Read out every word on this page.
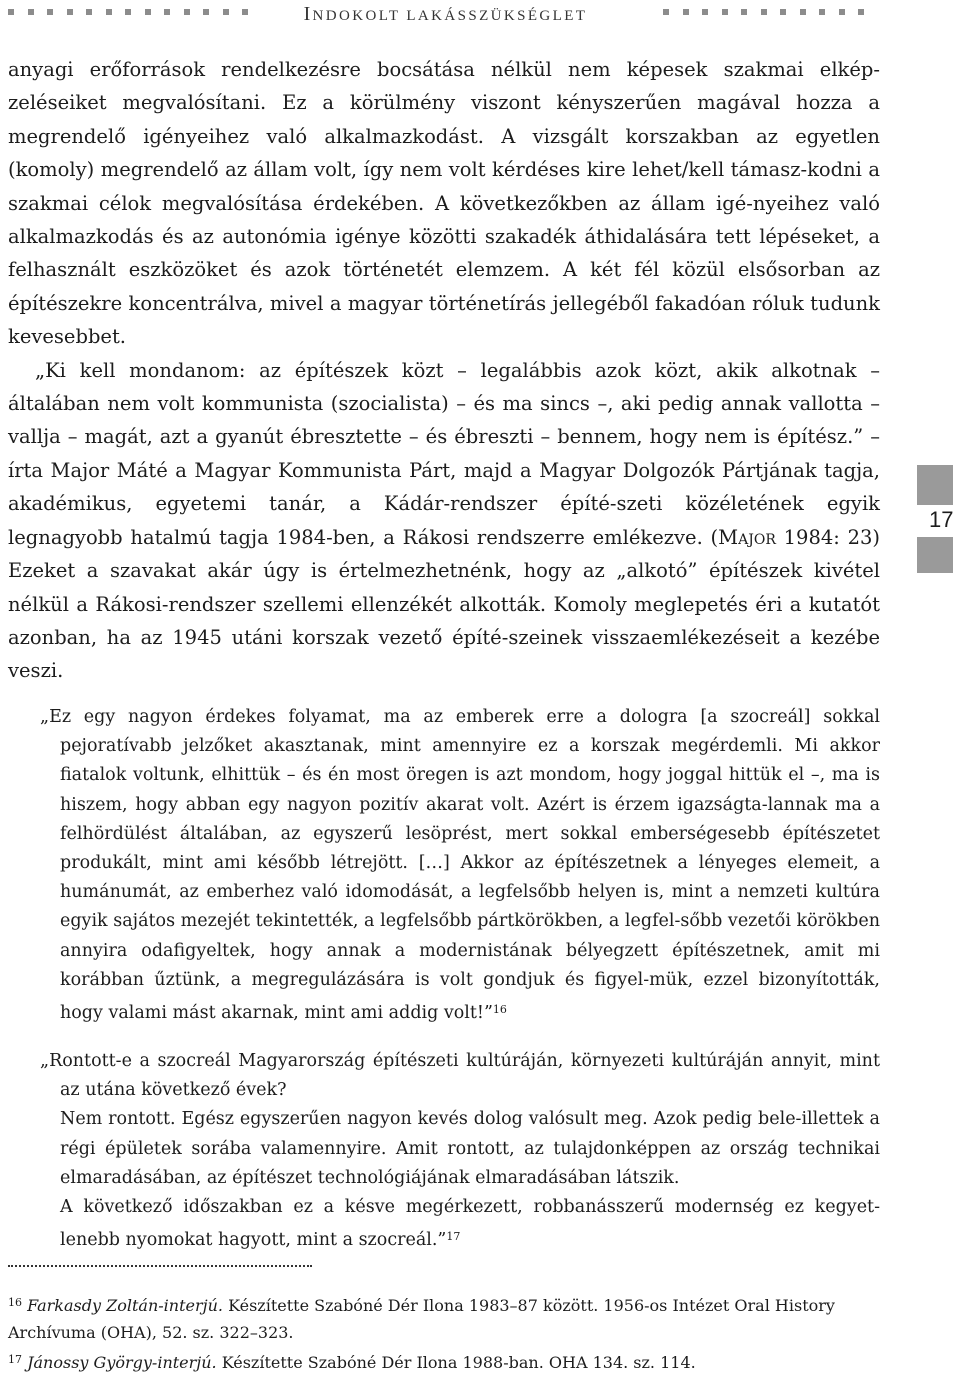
INDOKOLT LAKÁSSZÜKSÉGLET

anyagi erőforrások rendelkezésre bocsátása nélkül nem képesek szakmai elkép-zeléseiket megvalósítani. Ez a körülmény viszont kényszerűen magával hozza a megrendelő igényeihez való alkalmazkodást. A vizsgált korszakban az egyetlen (komoly) megrendelő az állam volt, így nem volt kérdéses kire lehet/kell támasz-kodni a szakmai célok megvalósítása érdekében. A következőkben az állam igé-nyeihez való alkalmazkodás és az autonómia igénye közötti szakadék áthidalására tett lépéseket, a felhasznált eszközöket és azok történetét elemzem. A két fél közül elsősorban az építészekre koncentrálva, mivel a magyar történetírás jellegéből fakadóan róluk tudunk kevesebbet.

„Ki kell mondanom: az építészek közt – legalábbis azok közt, akik alkotnak – általában nem volt kommunista (szocialista) – és ma sincs –, aki pedig annak vallotta – vallja – magát, azt a gyanút ébresztette – és ébreszti – bennem, hogy nem is építész.” – írta Major Máté a Magyar Kommunista Párt, majd a Magyar Dolgozók Pártjának tagja, akadémikus, egyetemi tanár, a Kádár-rendszer építé-szeti közéletének egyik legnagyobb hatalmú tagja 1984-ben, a Rákosi rendszerre emlékezve. (Major 1984: 23) Ezeket a szavakat akár úgy is értelmezhetnénk, hogy az „alkotó” építészek kivétel nélkül a Rákosi-rendszer szellemi ellenzékét alkották. Komoly meglepetés éri a kutatót azonban, ha az 1945 utáni korszak vezető építé-szeinek visszaemlékezéseit a kezébe veszi.

„Ez egy nagyon érdekes folyamat, ma az emberek erre a dologra [a szocreál] sokkal pejoratívabb jelzőket akasztanak, mint amennyire ez a korszak megérdemli. Mi akkor fiatalok voltunk, elhittük – és én most öregen is azt mondom, hogy joggal hittük el –, ma is hiszem, hogy abban egy nagyon pozitív akarat volt. Azért is érzem igazságta-lannak ma a felhördülést általában, az egyszerű lesöprést, mert sokkal emberségesebb építészetet produkált, mint ami később létrejött. […] Akkor az építészetnek a lényeges elemeit, a humánumát, az emberhez való idomodását, a legfelsőbb helyen is, mint a nemzeti kultúra egyik sajátos mezejét tekintették, a legfelsőbb pártkörökben, a legfel-sőbb vezetői körökben annyira odafigyeltek, hogy annak a modernistának bélyegzett építészetnek, amit mi korábban űztünk, a megregulázására is volt gondjuk és figyel-mük, ezzel bizonyították, hogy valami mást akarnak, mint ami addig volt!”$^{16}$

„Rontott-e a szocreál Magyarország építészeti kultúráján, környezeti kultúráján annyit, mint az utána következő évek?

Nem rontott. Egész egyszerűen nagyon kevés dolog valósult meg. Azok pedig bele-illettek a régi épületek sorába valamennyire. Amit rontott, az tulajdonképpen az ország technikai elmaradásában, az építészet technológiájának elmaradásában látszik.

A következő időszakban ez a késve megérkezett, robbanásszerű modernség ez kegyet-lenebb nyomokat hagyott, mint a szocreál.”$^{17}$

$^{16}$ Farkasdy Zoltán-interjú. Készítette Szabóné Dér Ilona 1983–87 között. 1956-os Intézet Oral History Archívuma (OHA), 52. sz. 322–323.

$^{17}$ Jánossy György-interjú. Készítette Szabóné Dér Ilona 1988-ban. OHA 134. sz. 114.

17
